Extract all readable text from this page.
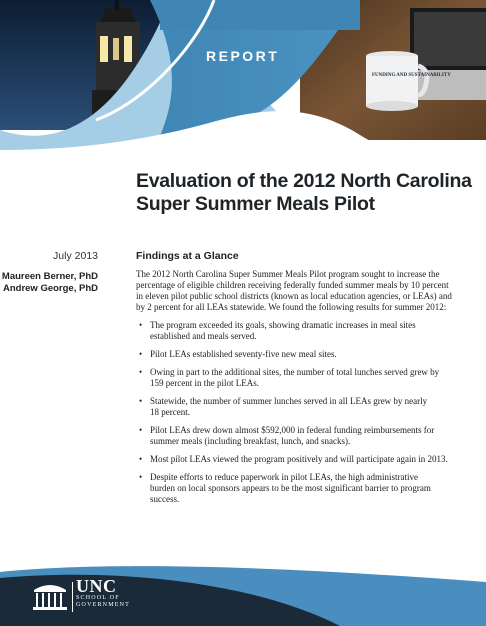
FUNDING AND SUSTAINABILITY
REPORT
Evaluation of the 2012 North Carolina
Super Summer Meals Pilot
July 2013
Maureen Berner, PhD
Andrew George, PhD
Findings at a Glance

The 2012 North Carolina Super Summer Meals Pilot program sought to increase the
percentage of eligible children receiving federally funded summer meals by 10 percent
in eleven pilot public school districts (known as local education agencies, or LEAs) and
by 2 percent for all LEAs statewide. We found the following results for summer 2012:

• The program exceeded its goals, showing dramatic increases in meal sites
established and meals served.
• Pilot LEAs established seventy-five new meal sites.
• Owing in part to the additional sites, the number of total lunches served grew by
159 percent in the pilot LEAs.
• Statewide, the number of summer lunches served in all LEAs grew by nearly
18 percent.
• Pilot LEAs drew down almost $592,000 in federal funding reimbursements for
summer meals (including breakfast, lunch, and snacks).
• Most pilot LEAs viewed the program positively and will participate again in 2013.
• Despite efforts to reduce paperwork in pilot LEAs, the high administrative
burden on local sponsors appears to be the most significant barrier to program
success.
UNC
SCHOOL OF
GOVERNMENT
